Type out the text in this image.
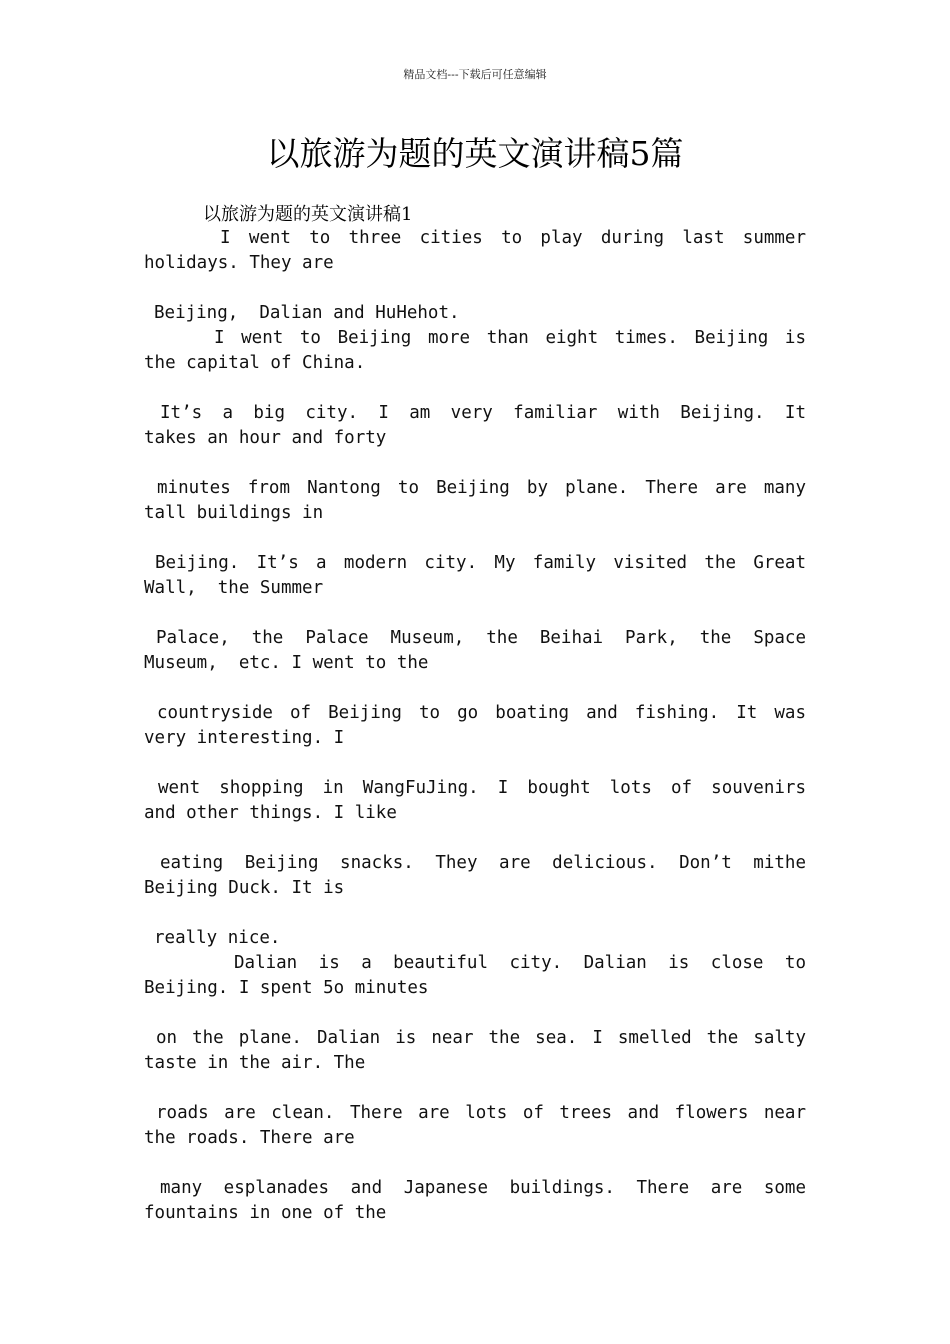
精品文档---下载后可任意编辑
以旅游为题的英文演讲稿5篇
以旅游为题的英文演讲稿1
I went to three cities to play during last summer
holidays. They are
Beijing,  Dalian and HuHehot.
I went to Beijing more than eight times. Beijing is
the capital of China.
It’s a big city. I am very familiar with Beijing. It
takes an hour and forty
minutes from Nantong to Beijing by plane. There are many
tall buildings in
Beijing. It’s a modern city. My family visited the Great
Wall,  the Summer
Palace, the Palace Museum, the Beihai Park, the Space
Museum,  etc. I went to the
countryside of Beijing to go boating and fishing. It was
very interesting. I
went shopping in WangFuJing. I bought lots of souvenirs
and other things. I like
eating Beijing snacks. They are delicious. Don’t mithe
Beijing Duck. It is
really nice.
Dalian is a beautiful city. Dalian is close to
Beijing. I spent 5o minutes
on the plane. Dalian is near the sea. I smelled the salty
taste in the air. The
roads are clean. There are lots of trees and flowers near
the roads. There are
many esplanades and Japanese buildings. There are some
fountains in one of the
